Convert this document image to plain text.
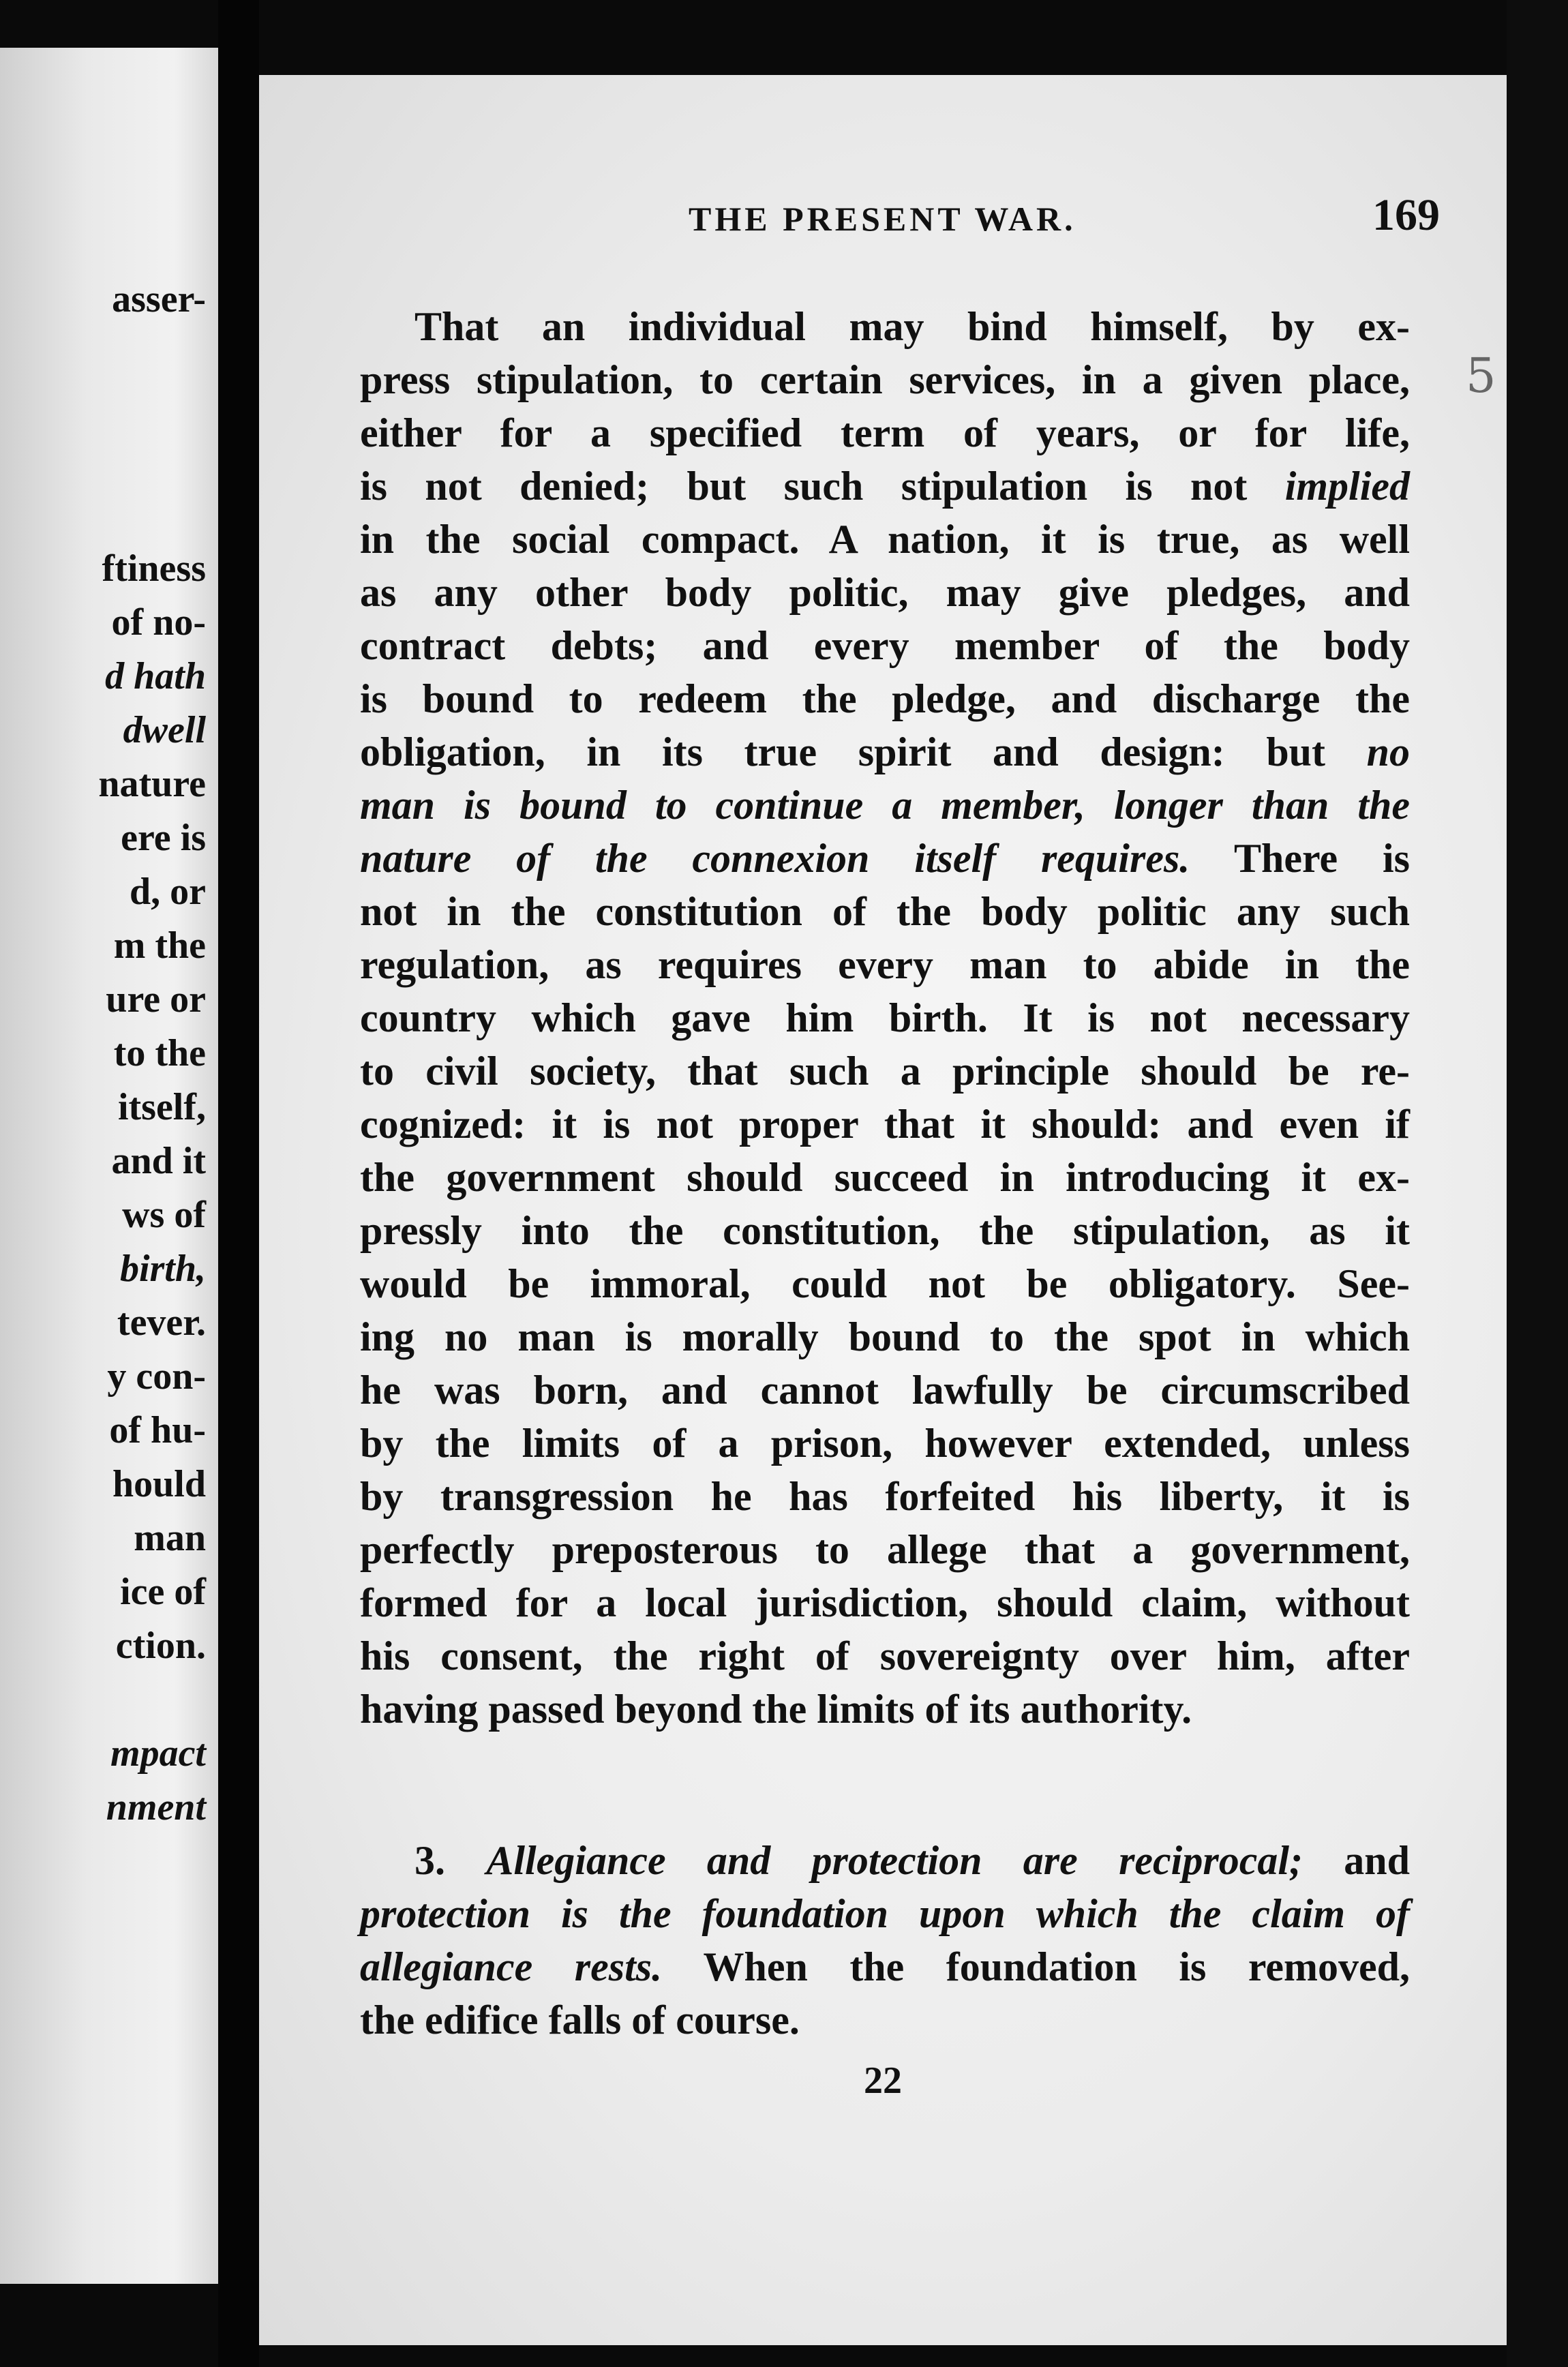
asser-
ftiness
of no-
d hath
dwell
nature
ere is
d, or
m the
ure or
to the
itself,
and it
ws of
birth,
tever.
y con-
of hu-
hould
man
ice of
ction.
mpact
nment
THE PRESENT WAR.	169
5
That an individual may bind himself, by ex-
press stipulation, to certain services, in a given place,
either for a specified term of years, or for life,
is not denied; but such stipulation is not implied
in the social compact. A nation, it is true, as well
as any other body politic, may give pledges, and
contract debts; and every member of the body
is bound to redeem the pledge, and discharge the
obligation, in its true spirit and design: but no
man is bound to continue a member, longer than the
nature of the connexion itself requires. There is
not in the constitution of the body politic any such
regulation, as requires every man to abide in the
country which gave him birth. It is not necessary
to civil society, that such a principle should be re-
cognized: it is not proper that it should: and even if
the government should succeed in introducing it ex-
pressly into the constitution, the stipulation, as it
would be immoral, could not be obligatory. See-
ing no man is morally bound to the spot in which
he was born, and cannot lawfully be circumscribed
by the limits of a prison, however extended, unless
by transgression he has forfeited his liberty, it is
perfectly preposterous to allege that a government,
formed for a local jurisdiction, should claim, without
his consent, the right of sovereignty over him, after
having passed beyond the limits of its authority.
3. Allegiance and protection are reciprocal; and
protection is the foundation upon which the claim of
allegiance rests. When the foundation is removed,
the edifice falls of course.
22
